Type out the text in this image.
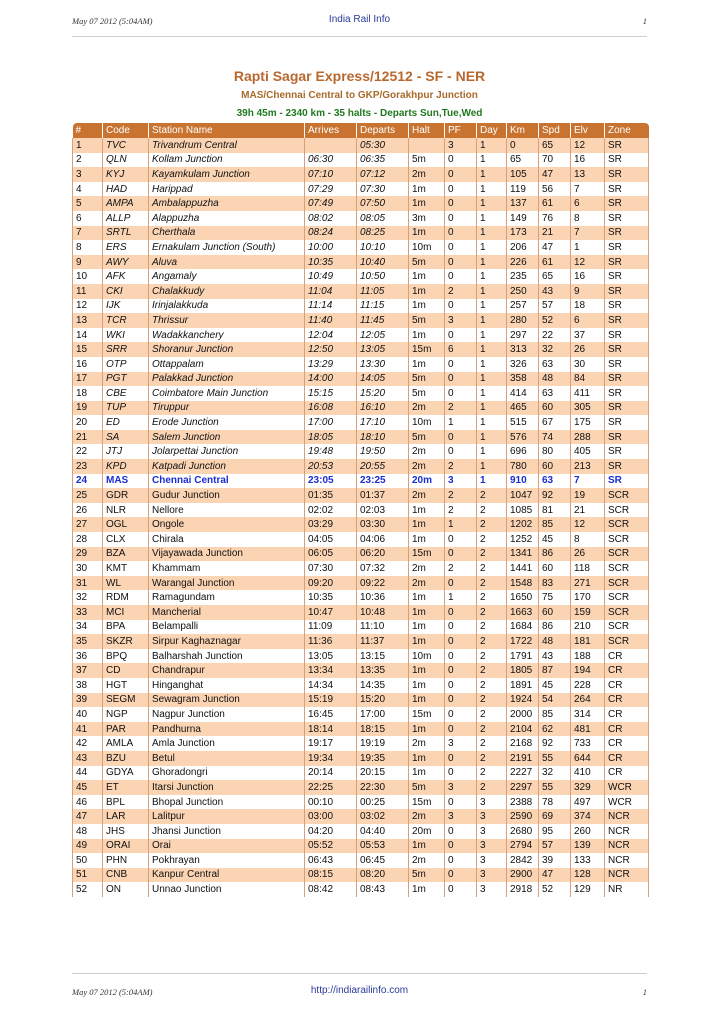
May 07 2012 (5:04AM)	India Rail Info	1
Rapti Sagar Express/12512 - SF - NER
MAS/Chennai Central to GKP/Gorakhpur Junction
39h 45m - 2340 km - 35 halts - Departs Sun,Tue,Wed
#	Code	Station Name	Arrives	Departs	Halt	PF	Day	Km	Spd	Elv	Zone
1	TVC	Trivandrum Central		05:30		3	1	0	65	12	SR
2	QLN	Kollam Junction	06:30	06:35	5m	0	1	65	70	16	SR
3	KYJ	Kayamkulam Junction	07:10	07:12	2m	0	1	105	47	13	SR
4	HAD	Harippad	07:29	07:30	1m	0	1	119	56	7	SR
5	AMPA	Ambalappuzha	07:49	07:50	1m	0	1	137	61	6	SR
6	ALLP	Alappuzha	08:02	08:05	3m	0	1	149	76	8	SR
7	SRTL	Cherthala	08:24	08:25	1m	0	1	173	21	7	SR
8	ERS	Ernakulam Junction (South)	10:00	10:10	10m	0	1	206	47	1	SR
9	AWY	Aluva	10:35	10:40	5m	0	1	226	61	12	SR
10	AFK	Angamaly	10:49	10:50	1m	0	1	235	65	16	SR
11	CKI	Chalakkudy	11:04	11:05	1m	2	1	250	43	9	SR
12	IJK	Irinjalakkuda	11:14	11:15	1m	0	1	257	57	18	SR
13	TCR	Thrissur	11:40	11:45	5m	3	1	280	52	6	SR
14	WKI	Wadakkanchery	12:04	12:05	1m	0	1	297	22	37	SR
15	SRR	Shoranur Junction	12:50	13:05	15m	6	1	313	32	26	SR
16	OTP	Ottappalam	13:29	13:30	1m	0	1	326	63	30	SR
17	PGT	Palakkad Junction	14:00	14:05	5m	0	1	358	48	84	SR
18	CBE	Coimbatore Main Junction	15:15	15:20	5m	0	1	414	63	411	SR
19	TUP	Tiruppur	16:08	16:10	2m	2	1	465	60	305	SR
20	ED	Erode Junction	17:00	17:10	10m	1	1	515	67	175	SR
21	SA	Salem Junction	18:05	18:10	5m	0	1	576	74	288	SR
22	JTJ	Jolarpettai Junction	19:48	19:50	2m	0	1	696	80	405	SR
23	KPD	Katpadi Junction	20:53	20:55	2m	2	1	780	60	213	SR
24	MAS	Chennai Central	23:05	23:25	20m	3	1	910	63	7	SR
25	GDR	Gudur Junction	01:35	01:37	2m	2	2	1047	92	19	SCR
26	NLR	Nellore	02:02	02:03	1m	2	2	1085	81	21	SCR
27	OGL	Ongole	03:29	03:30	1m	1	2	1202	85	12	SCR
28	CLX	Chirala	04:05	04:06	1m	0	2	1252	45	8	SCR
29	BZA	Vijayawada Junction	06:05	06:20	15m	0	2	1341	86	26	SCR
30	KMT	Khammam	07:30	07:32	2m	2	2	1441	60	118	SCR
31	WL	Warangal Junction	09:20	09:22	2m	0	2	1548	83	271	SCR
32	RDM	Ramagundam	10:35	10:36	1m	1	2	1650	75	170	SCR
33	MCI	Mancherial	10:47	10:48	1m	0	2	1663	60	159	SCR
34	BPA	Belampalli	11:09	11:10	1m	0	2	1684	86	210	SCR
35	SKZR	Sirpur Kaghaznagar	11:36	11:37	1m	0	2	1722	48	181	SCR
36	BPQ	Balharshah Junction	13:05	13:15	10m	0	2	1791	43	188	CR
37	CD	Chandrapur	13:34	13:35	1m	0	2	1805	87	194	CR
38	HGT	Hinganghat	14:34	14:35	1m	0	2	1891	45	228	CR
39	SEGM	Sewagram Junction	15:19	15:20	1m	0	2	1924	54	264	CR
40	NGP	Nagpur Junction	16:45	17:00	15m	0	2	2000	85	314	CR
41	PAR	Pandhurna	18:14	18:15	1m	0	2	2104	62	481	CR
42	AMLA	Amla Junction	19:17	19:19	2m	3	2	2168	92	733	CR
43	BZU	Betul	19:34	19:35	1m	0	2	2191	55	644	CR
44	GDYA	Ghoradongri	20:14	20:15	1m	0	2	2227	32	410	CR
45	ET	Itarsi Junction	22:25	22:30	5m	3	2	2297	55	329	WCR
46	BPL	Bhopal Junction	00:10	00:25	15m	0	3	2388	78	497	WCR
47	LAR	Lalitpur	03:00	03:02	2m	3	3	2590	69	374	NCR
48	JHS	Jhansi Junction	04:20	04:40	20m	0	3	2680	95	260	NCR
49	ORAI	Orai	05:52	05:53	1m	0	3	2794	57	139	NCR
50	PHN	Pokhrayan	06:43	06:45	2m	0	3	2842	39	133	NCR
51	CNB	Kanpur Central	08:15	08:20	5m	0	3	2900	47	128	NCR
52	ON	Unnao Junction	08:42	08:43	1m	0	3	2918	52	129	NR
May 07 2012 (5:04AM)	http://indiarailinfo.com	1
